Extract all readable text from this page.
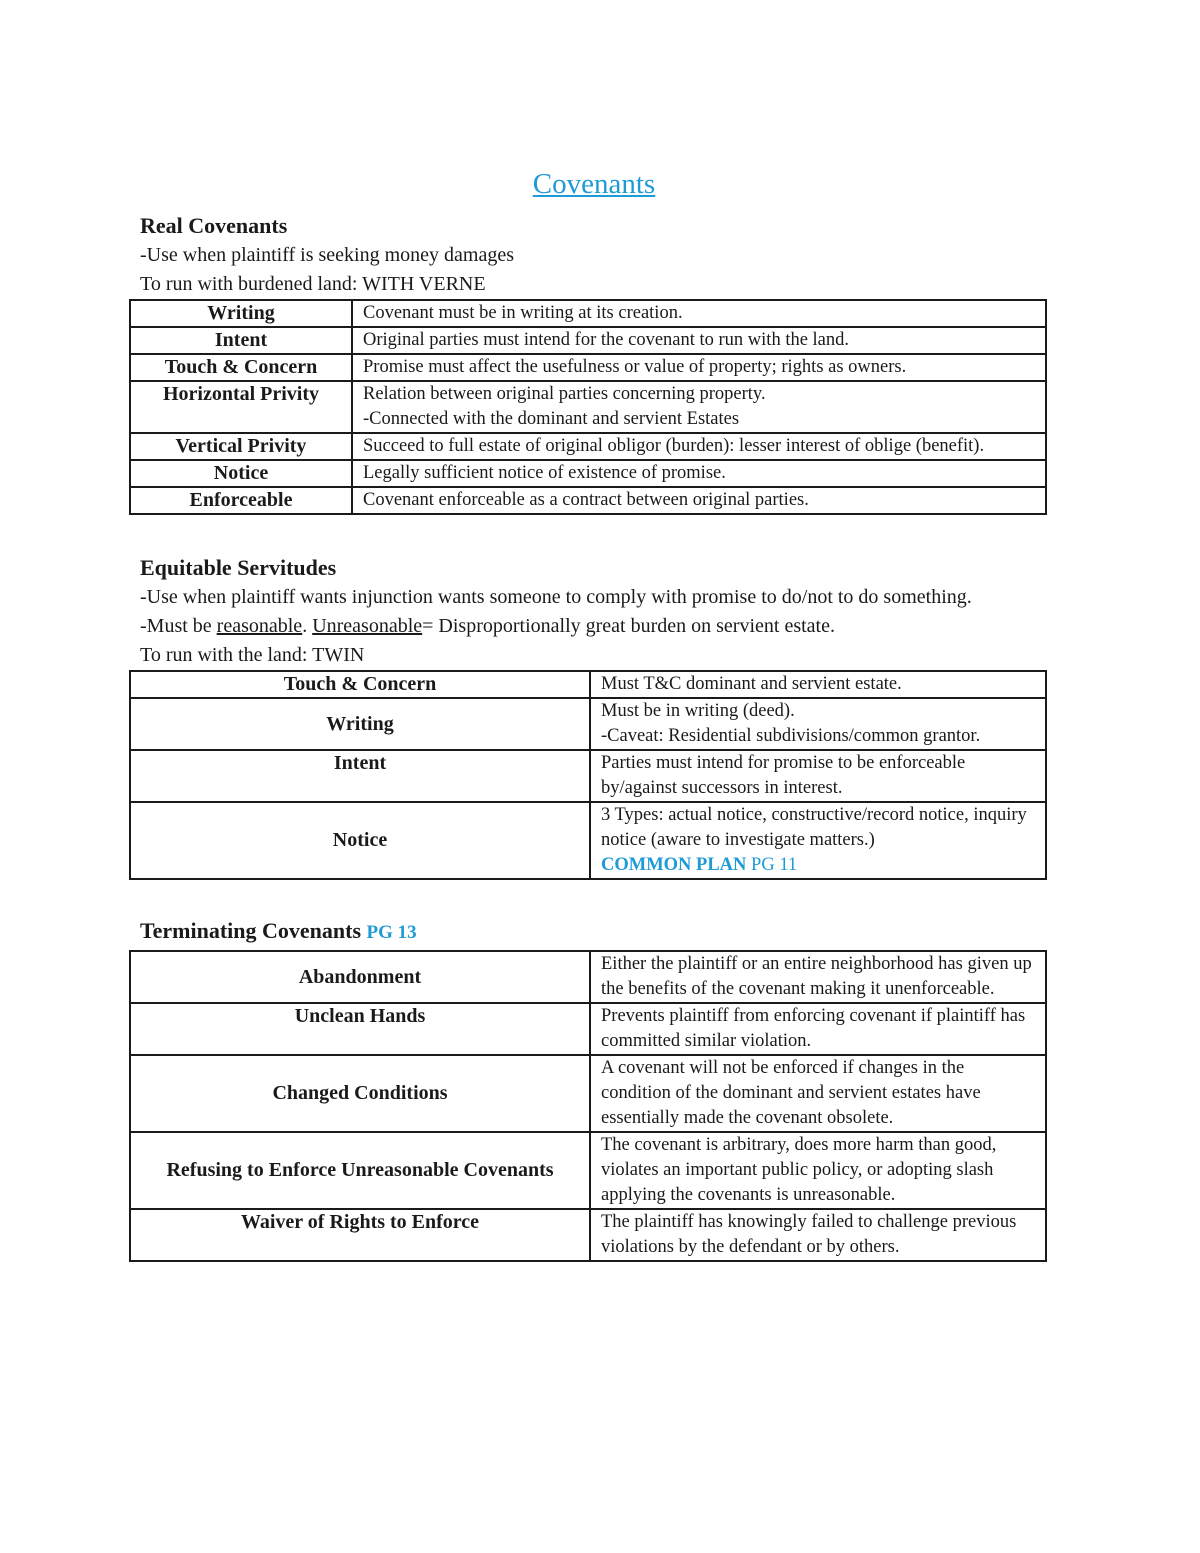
Covenants
Real Covenants

-Use when plaintiff is seeking money damages

To run with burdened land: WITH VERNE

Writing	Covenant must be in writing at its creation.
Intent	Original parties must intend for the covenant to run with the land.
Touch & Concern	Promise must affect the usefulness or value of property; rights as owners.
Horizontal Privity	Relation between original parties concerning property.
-Connected with the dominant and servient Estates

Vertical Privity	Succeed to full estate of original obligor (burden): lesser interest of oblige (benefit).
Notice	Legally sufficient notice of existence of promise.
Enforceable	Covenant enforceable as a contract between original parties.
Equitable Servitudes

-Use when plaintiff wants injunction wants someone to comply with promise to do/not to do something.

-Must be reasonable. Unreasonable= Disproportionally great burden on servient estate.

To run with the land: TWIN

Touch & Concern	Must T&C dominant and servient estate.
Writing	Must be in writing (deed).
-Caveat: Residential subdivisions/common grantor.

Intent	Parties must intend for promise to be enforceable by/against successors in interest.
Notice	3 Types: actual notice, constructive/record notice, inquiry notice (aware to investigate matters.)
COMMON PLAN PG 11
Terminating Covenants PG 13
Abandonment	Either the plaintiff or an entire neighborhood has given up the benefits of the covenant making it unenforceable.
Unclean Hands	Prevents plaintiff from enforcing covenant if plaintiff has committed similar violation.
Changed Conditions	A covenant will not be enforced if changes in the condition of the dominant and servient estates have essentially made the covenant obsolete.
Refusing to Enforce Unreasonable Covenants	The covenant is arbitrary, does more harm than good, violates an important public policy, or adopting slash applying the covenants is unreasonable.
Waiver of Rights to Enforce	The plaintiff has knowingly failed to challenge previous violations by the defendant or by others.
